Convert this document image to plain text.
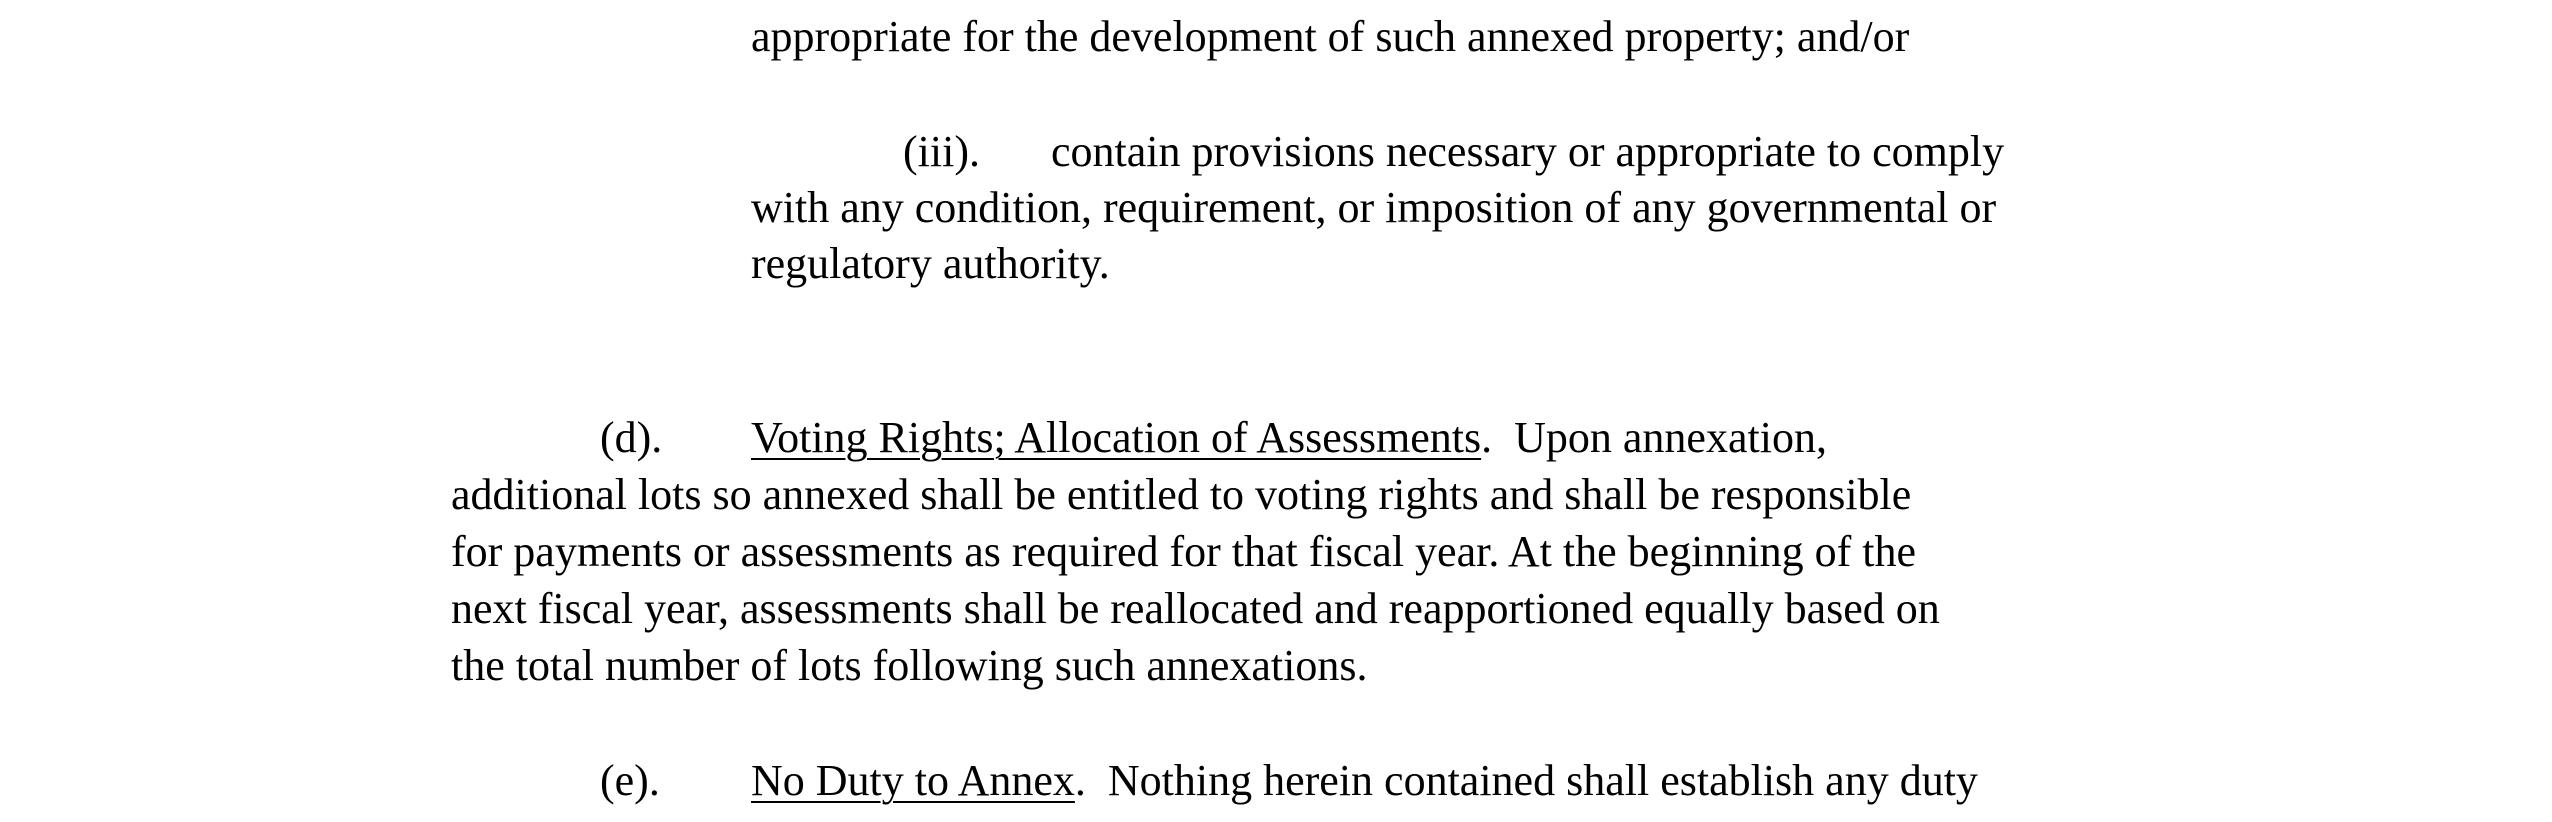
appropriate for the development of such annexed property; and/or

(iii). contain provisions necessary or appropriate to comply

with any condition, requirement, or imposition of any governmental or

regulatory authority.

(d). Voting Rights; Allocation of Assessments. Upon annexation,

additional lots so annexed shall be entitled to voting rights and shall be responsible

for payments or assessments as required for that fiscal year. At the beginning of the

next fiscal year, assessments shall be reallocated and reapportioned equally based on

the total number of lots following such annexations.

(e). No Duty to Annex. Nothing herein contained shall establish any duty
